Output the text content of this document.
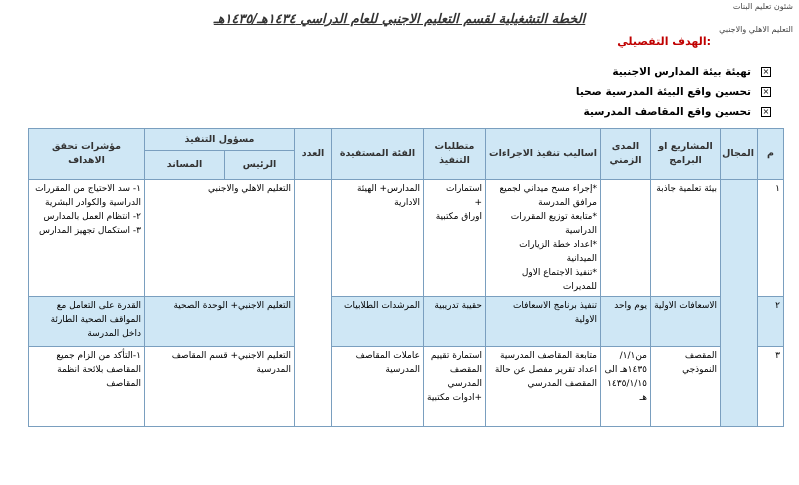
شئون تعليم البنات
التعليم الاهلي والاجنبي
الخطة التشغيلية لقسم التعليم الاجنبي للعام الدراسي ١٤٣٤هـ/١٤٣٥هـ
الهدف التفصيلي:
×
تهيئة بيئة المدارس الاجنبية
×
تحسين واقع البيئة المدرسية صحيا
×
تحسين واقع المقاصف المدرسية
م	المجال	المشاريع او البرامج	المدى الزمني	اساليب تنفيذ الاجراءات	متطلبات التنفيذ	الفئة المستفيدة	العدد	مسؤول التنفيذ		مؤشرات تحقق الاهداف
								الرئيس	المساند	
١		بيئة تعلمية جاذبة		*إجراء مسح ميداني لجميع مرافق المدرسة
*متابعة توزيع المقررات الدراسية
*اعداد خطة الزيارات الميدانية
*تنفيذ الاجتماع الاول للمديرات	استمارات
+
اوراق مكتبية	المدارس+ الهيئة الادارية		التعليم الاهلي والاجنبي		١- سد الاحتياج من المقررات الدراسية والكوادر البشرية
٢- انتظام العمل بالمدارس
٣- استكمال تجهيز المدارس
٢		الاسعافات الاولية	يوم واحد	تنفيذ برنامج الاسعافات الاولية	حقيبة تدريبية	المرشدات الطلابيات		التعليم الاجنبي+ الوحدة الصحية		القدرة على التعامل مع المواقف الصحية الطارئة داخل المدرسة
٣		المقصف النموذجي	من١/١/
١٤٣٥هـ الى
١٤٣٥/١/١٥
هـ	متابعة المقاصف المدرسية
اعداد تقرير مفصل عن حالة المقصف المدرسي	استمارة تقييم المقصف المدرسي
+ادوات مكتبية	عاملات المقاصف المدرسية		التعليم الاجنبي+ قسم المقاصف المدرسية		١-التأكد من الزام جميع المقاصف بلائحة انظمة المقاصف
